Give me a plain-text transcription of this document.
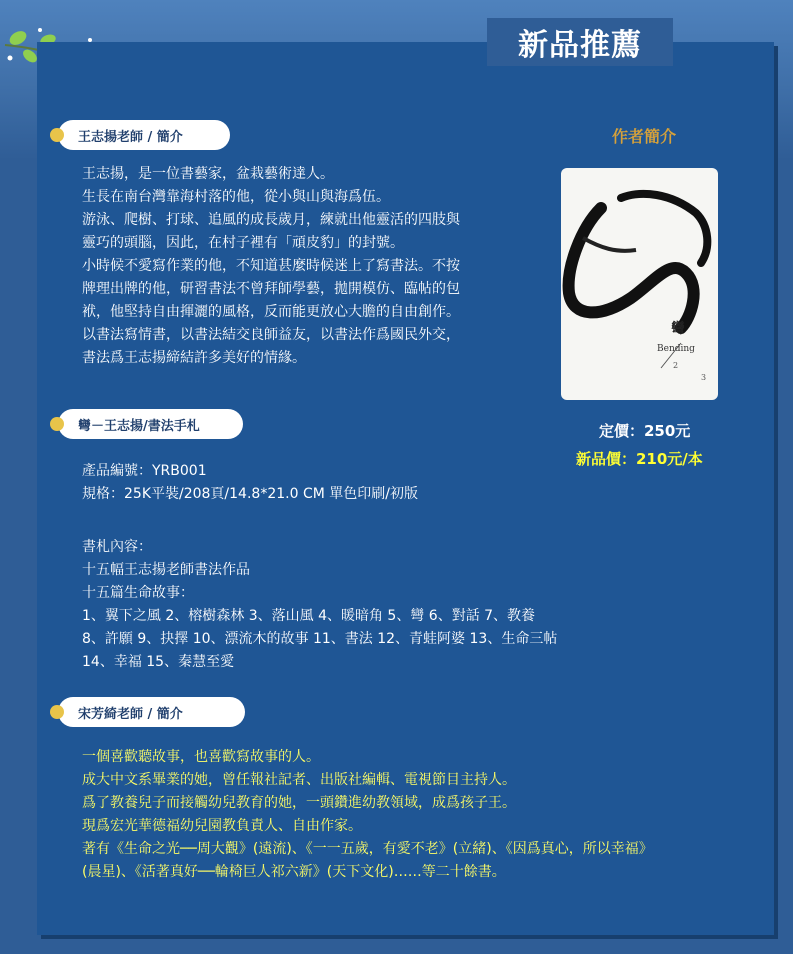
新品推薦
王志揚老師 / 簡介

王志揚，是一位書藝家，盆栽藝術達人。

生長在南台灣靠海村落的他，從小與山與海爲伍。

游泳、爬樹、打球、追風的成長歲月，練就出他靈活的四肢與

靈巧的頭腦，因此，在村子裡有「頑皮豹」的封號。

小時候不愛寫作業的他，不知道甚麼時候迷上了寫書法。不按

牌理出牌的他，研習書法不曾拜師學藝，拋開模仿、臨帖的包

袱，他堅持自由揮灑的風格，反而能更放心大膽的自由創作。

以書法寫情書，以書法結交良師益友，以書法作爲國民外交，

書法爲王志揚締結許多美好的情緣。

彎－王志揚/書法手札

產品編號：YRB001

規格：25K平裝/208頁/14.8*21.0 CM 單色印刷/初版

書札內容：

十五幅王志揚老師書法作品

十五篇生命故事：

1、翼下之風 2、榕樹森林 3、落山風 4、暖暗角 5、彎 6、對話 7、教養

8、許願 9、抉擇 10、漂流木的故事 11、書法 12、青蛙阿婆 13、生命三帖

14、幸福 15、秦慧至愛

宋芳綺老師 / 簡介

一個喜歡聽故事，也喜歡寫故事的人。

成大中文系畢業的她，曾任報社記者、出版社編輯、電視節目主持人。

爲了教養兒子而接觸幼兒教育的她，一頭鑽進幼教領域，成爲孩子王。

現爲宏光華德福幼兒園教負責人、自由作家。

著有《生命之光──周大觀》(遠流)、《一一五歲，有愛不老》(立緒)、《因爲真心，所以幸福》

(晨星)、《活著真好──輪椅巨人祁六新》(天下文化)……等二十餘書。

作者簡介
2
3
彎
Bending
定價：250元
新品價：210元/本
